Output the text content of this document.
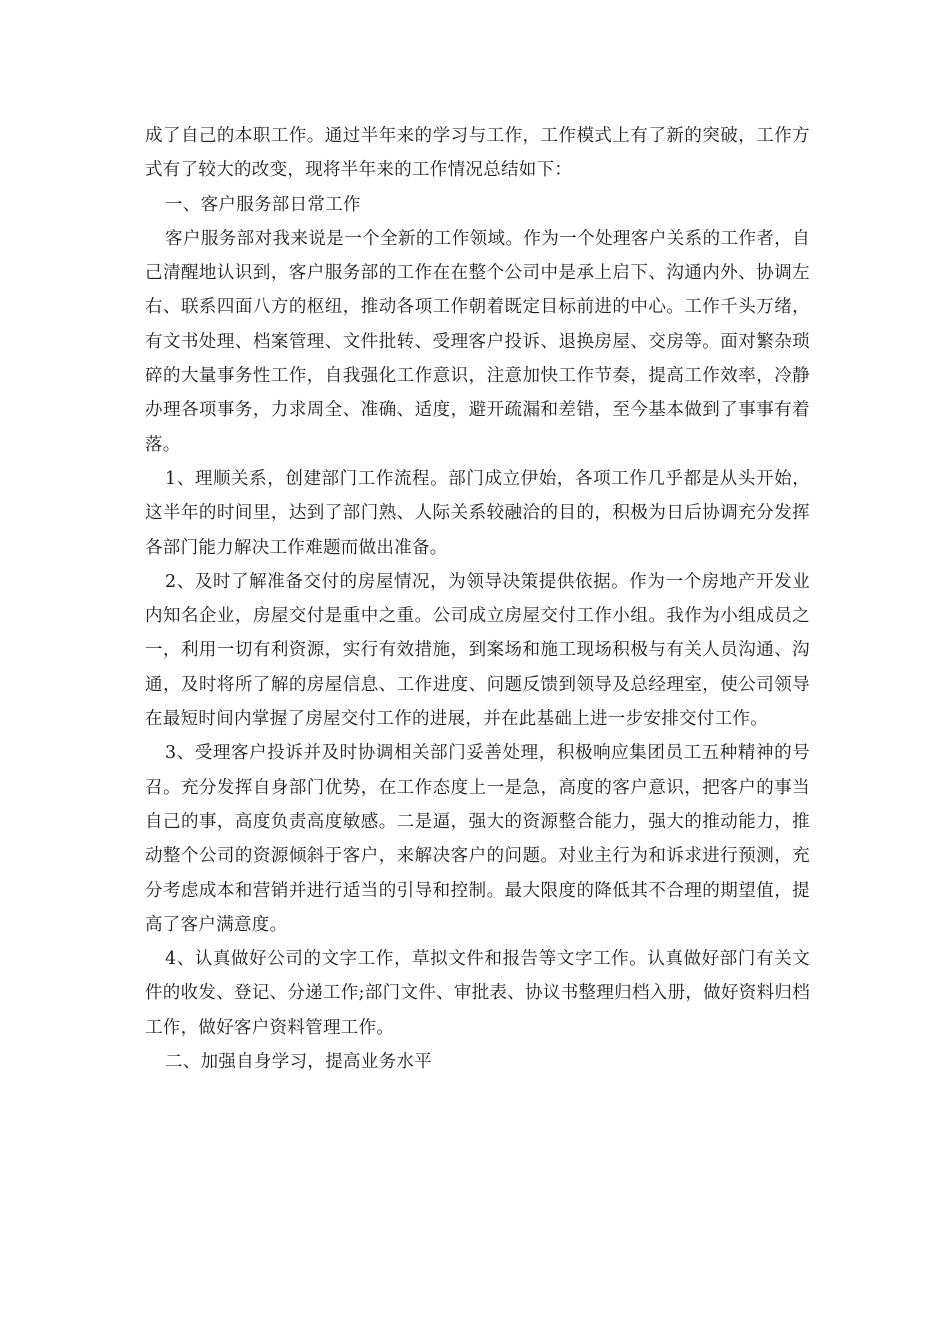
成了自己的本职工作。通过半年来的学习与工作，工作模式上有了新的突破，工作方式有了较大的改变，现将半年来的工作情况总结如下：

一、客户服务部日常工作

客户服务部对我来说是一个全新的工作领域。作为一个处理客户关系的工作者，自己清醒地认识到，客户服务部的工作在在整个公司中是承上启下、沟通内外、协调左右、联系四面八方的枢纽，推动各项工作朝着既定目标前进的中心。工作千头万绪，有文书处理、档案管理、文件批转、受理客户投诉、退换房屋、交房等。面对繁杂琐碎的大量事务性工作，自我强化工作意识，注意加快工作节奏，提高工作效率，冷静办理各项事务，力求周全、准确、适度，避开疏漏和差错，至今基本做到了事事有着落。

1、理顺关系，创建部门工作流程。部门成立伊始，各项工作几乎都是从头开始，这半年的时间里，达到了部门熟、人际关系较融洽的目的，积极为日后协调充分发挥各部门能力解决工作难题而做出准备。

2、及时了解准备交付的房屋情况，为领导决策提供依据。作为一个房地产开发业内知名企业，房屋交付是重中之重。公司成立房屋交付工作小组。我作为小组成员之一，利用一切有利资源，实行有效措施，到案场和施工现场积极与有关人员沟通、沟通，及时将所了解的房屋信息、工作进度、问题反馈到领导及总经理室，使公司领导在最短时间内掌握了房屋交付工作的进展，并在此基础上进一步安排交付工作。

3、受理客户投诉并及时协调相关部门妥善处理，积极响应集团员工五种精神的号召。充分发挥自身部门优势，在工作态度上一是急，高度的客户意识，把客户的事当自己的事，高度负责高度敏感。二是逼，强大的资源整合能力，强大的推动能力，推动整个公司的资源倾斜于客户，来解决客户的问题。对业主行为和诉求进行预测，充分考虑成本和营销并进行适当的引导和控制。最大限度的降低其不合理的期望值，提高了客户满意度。

4、认真做好公司的文字工作，草拟文件和报告等文字工作。认真做好部门有关文件的收发、登记、分递工作;部门文件、审批表、协议书整理归档入册，做好资料归档工作，做好客户资料管理工作。

二、加强自身学习，提高业务水平
